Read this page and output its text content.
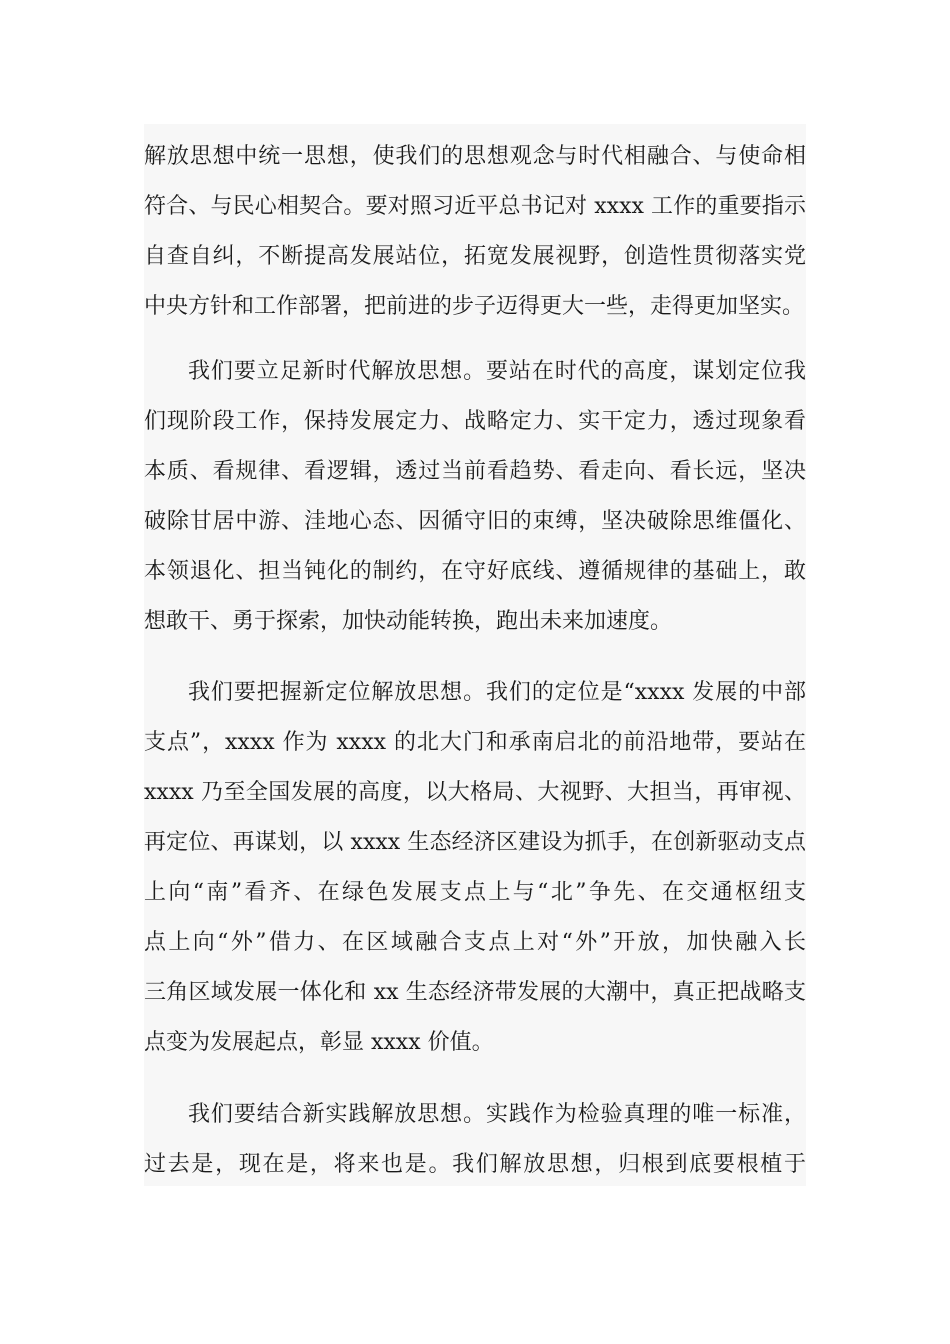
解放思想中统一思想，使我们的思想观念与时代相融合、与使命相
符合、与民心相契合。要对照习近平总书记对 xxxx 工作的重要指示
自查自纠，不断提高发展站位，拓宽发展视野，创造性贯彻落实党
中央方针和工作部署，把前进的步子迈得更大一些，走得更加坚实。
我们要立足新时代解放思想。要站在时代的高度，谋划定位我
们现阶段工作，保持发展定力、战略定力、实干定力，透过现象看
本质、看规律、看逻辑，透过当前看趋势、看走向、看长远，坚决
破除甘居中游、洼地心态、因循守旧的束缚，坚决破除思维僵化、
本领退化、担当钝化的制约，在守好底线、遵循规律的基础上，敢
想敢干、勇于探索，加快动能转换，跑出未来加速度。
我们要把握新定位解放思想。我们的定位是“xxxx 发展的中部
支点”，xxxx 作为 xxxx 的北大门和承南启北的前沿地带，要站在
xxxx 乃至全国发展的高度，以大格局、大视野、大担当，再审视、
再定位、再谋划，以 xxxx 生态经济区建设为抓手，在创新驱动支点
上向“南”看齐、在绿色发展支点上与“北”争先、在交通枢纽支
点上向“外”借力、在区域融合支点上对“外”开放，加快融入长
三角区域发展一体化和 xx 生态经济带发展的大潮中，真正把战略支
点变为发展起点，彰显 xxxx 价值。
我们要结合新实践解放思想。实践作为检验真理的唯一标准，
过去是，现在是，将来也是。我们解放思想，归根到底要根植于
